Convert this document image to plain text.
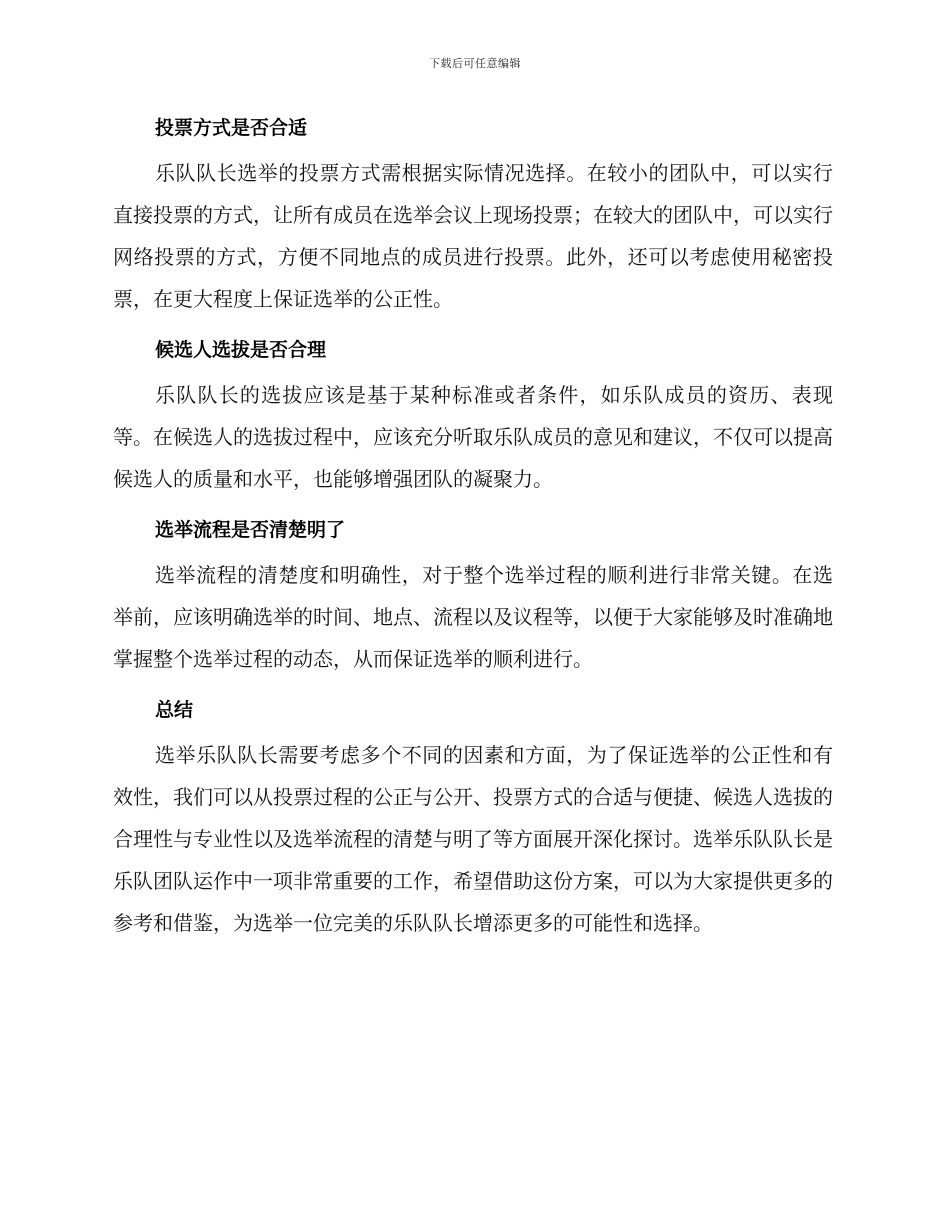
下载后可任意编辑
投票方式是否合适

乐队队长选举的投票方式需根据实际情况选择。在较小的团队中，可以实行直接投票的方式，让所有成员在选举会议上现场投票；在较大的团队中，可以实行网络投票的方式，方便不同地点的成员进行投票。此外，还可以考虑使用秘密投票，在更大程度上保证选举的公正性。

候选人选拔是否合理

乐队队长的选拔应该是基于某种标准或者条件，如乐队成员的资历、表现等。在候选人的选拔过程中，应该充分听取乐队成员的意见和建议，不仅可以提高候选人的质量和水平，也能够增强团队的凝聚力。

选举流程是否清楚明了

选举流程的清楚度和明确性，对于整个选举过程的顺利进行非常关键。在选举前，应该明确选举的时间、地点、流程以及议程等，以便于大家能够及时准确地掌握整个选举过程的动态，从而保证选举的顺利进行。

总结

选举乐队队长需要考虑多个不同的因素和方面，为了保证选举的公正性和有效性，我们可以从投票过程的公正与公开、投票方式的合适与便捷、候选人选拔的合理性与专业性以及选举流程的清楚与明了等方面展开深化探讨。选举乐队队长是乐队团队运作中一项非常重要的工作，希望借助这份方案，可以为大家提供更多的参考和借鉴，为选举一位完美的乐队队长增添更多的可能性和选择。
